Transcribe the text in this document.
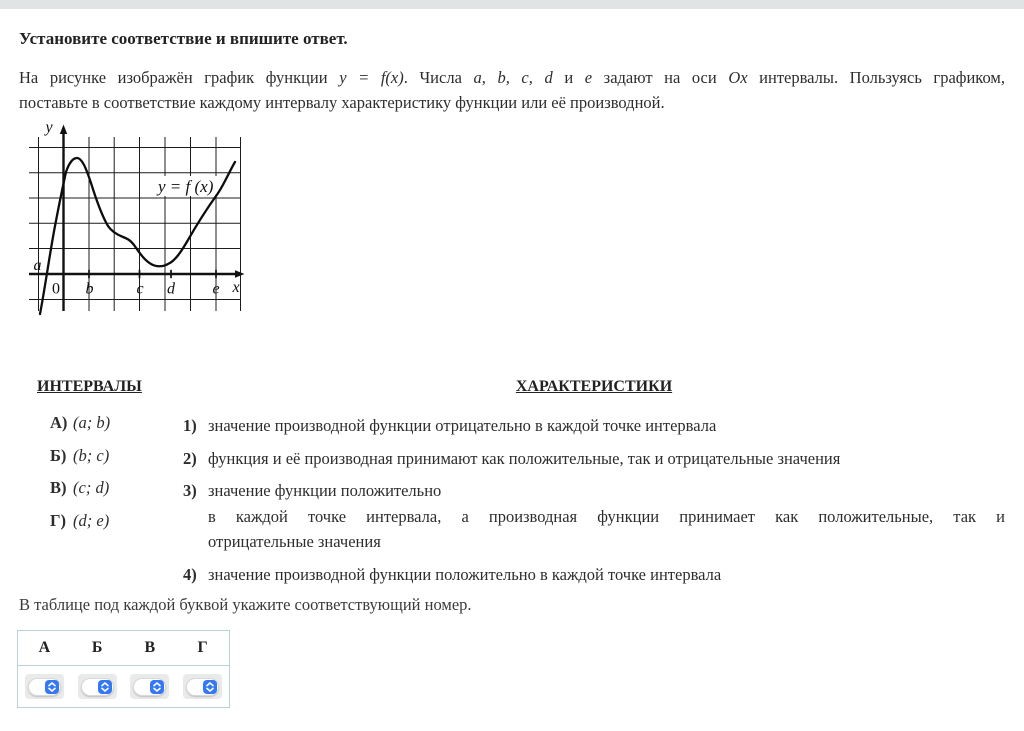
Установите соответствие и впишите ответ.
На рисунке изображён график функции y = f(x). Числа a, b, c, d и e задают на оси Ox интервалы. Пользуясь графиком,
поставьте в соответствие каждому интервалу характеристику функции или её производной.
y
x
a
b	c d e
0
y = f (x)
ИНТЕРВАЛЫ	ХАРАКТЕРИСТИКИ
А) (a; b)
Б) (b; c)
В) (c; d)
Г) (d; e)
1) значение производной функции отрицательно в каждой точке интервала
2) функция и её производная принимают как положительные, так и отрицательные значения
3) значение функции положительно
в каждой точке интервала, а производная функции принимает как положительные, так и
отрицательные значения
4) значение производной функции положительно в каждой точке интервала
В таблице под каждой буквой укажите соответствующий номер.
А	Б	В	Г
